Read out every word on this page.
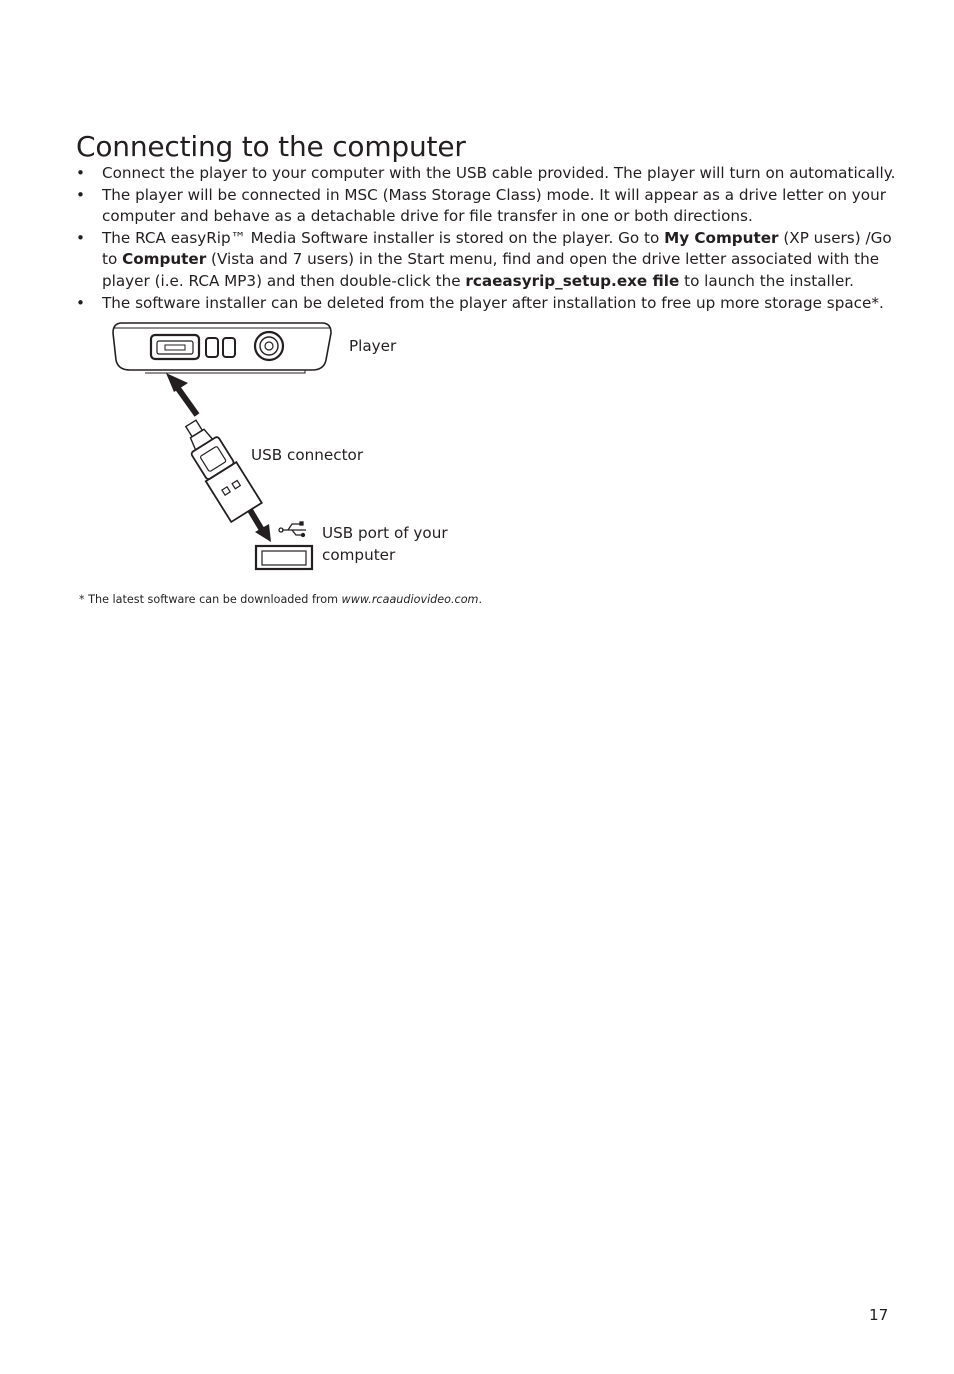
Connecting to the computer
• Connect the player to your computer with the USB cable provided. The player will turn on automatically.
• The player will be connected in MSC (Mass Storage Class) mode. It will appear as a drive letter on your computer and behave as a detachable drive for file transfer in one or both directions.
• The RCA easyRip™ Media Software installer is stored on the player. Go to My Computer (XP users) /Go to Computer (Vista and 7 users) in the Start menu, find and open the drive letter associated with the player (i.e. RCA MP3) and then double-click the rcaeasyrip_setup.exe file to launch the installer.
• The software installer can be deleted from the player after installation to free up more storage space*.
Player
USB connector
USB port of your
computer
* The latest software can be downloaded from www.rcaaudiovideo.com.
17
